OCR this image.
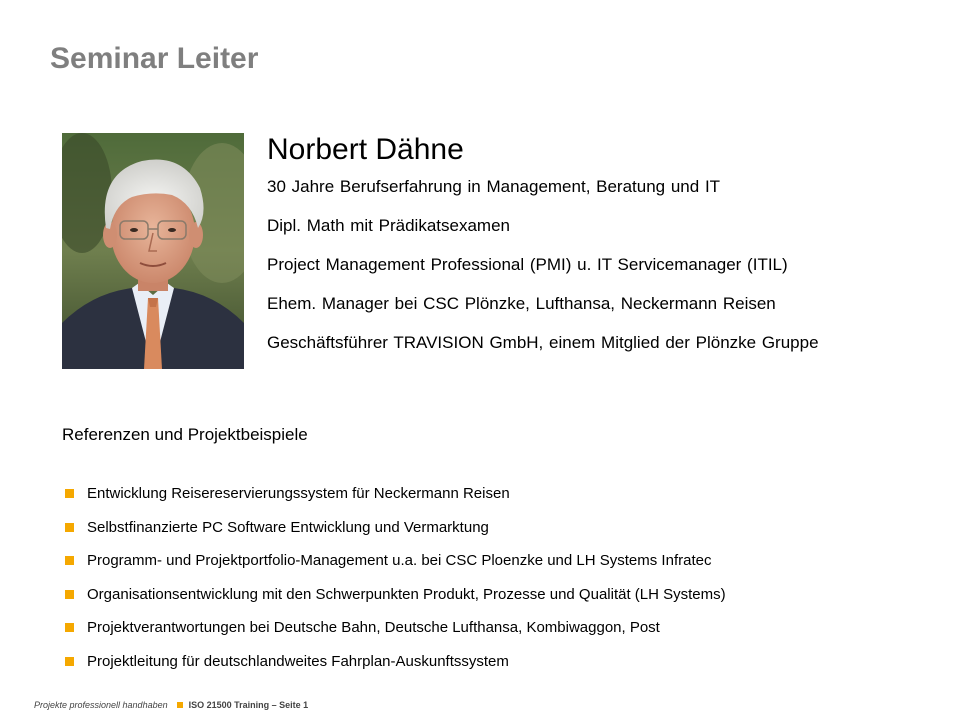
Seminar Leiter
Norbert Dähne
30 Jahre Berufserfahrung in Management, Beratung und IT
Dipl. Math mit Prädikatsexamen
Project Management Professional (PMI) u. IT Servicemanager (ITIL)
Ehem. Manager bei CSC Plönzke, Lufthansa, Neckermann Reisen
Geschäftsführer TRAVISION GmbH, einem Mitglied der Plönzke Gruppe
Referenzen und Projektbeispiele
Entwicklung Reisereservierungssystem für Neckermann Reisen
Selbstfinanzierte PC Software Entwicklung und Vermarktung
Programm- und Projektportfolio-Management u.a. bei CSC Ploenzke und LH Systems Infratec
Organisationsentwicklung mit den Schwerpunkten Produkt, Prozesse und Qualität (LH Systems)
Projektverantwortungen bei Deutsche Bahn, Deutsche Lufthansa, Kombiwaggon, Post
Projektleitung für deutschlandweites Fahrplan-Auskunftssystem
Projekte professionell handhaben ISO 21500 Training – Seite 1
